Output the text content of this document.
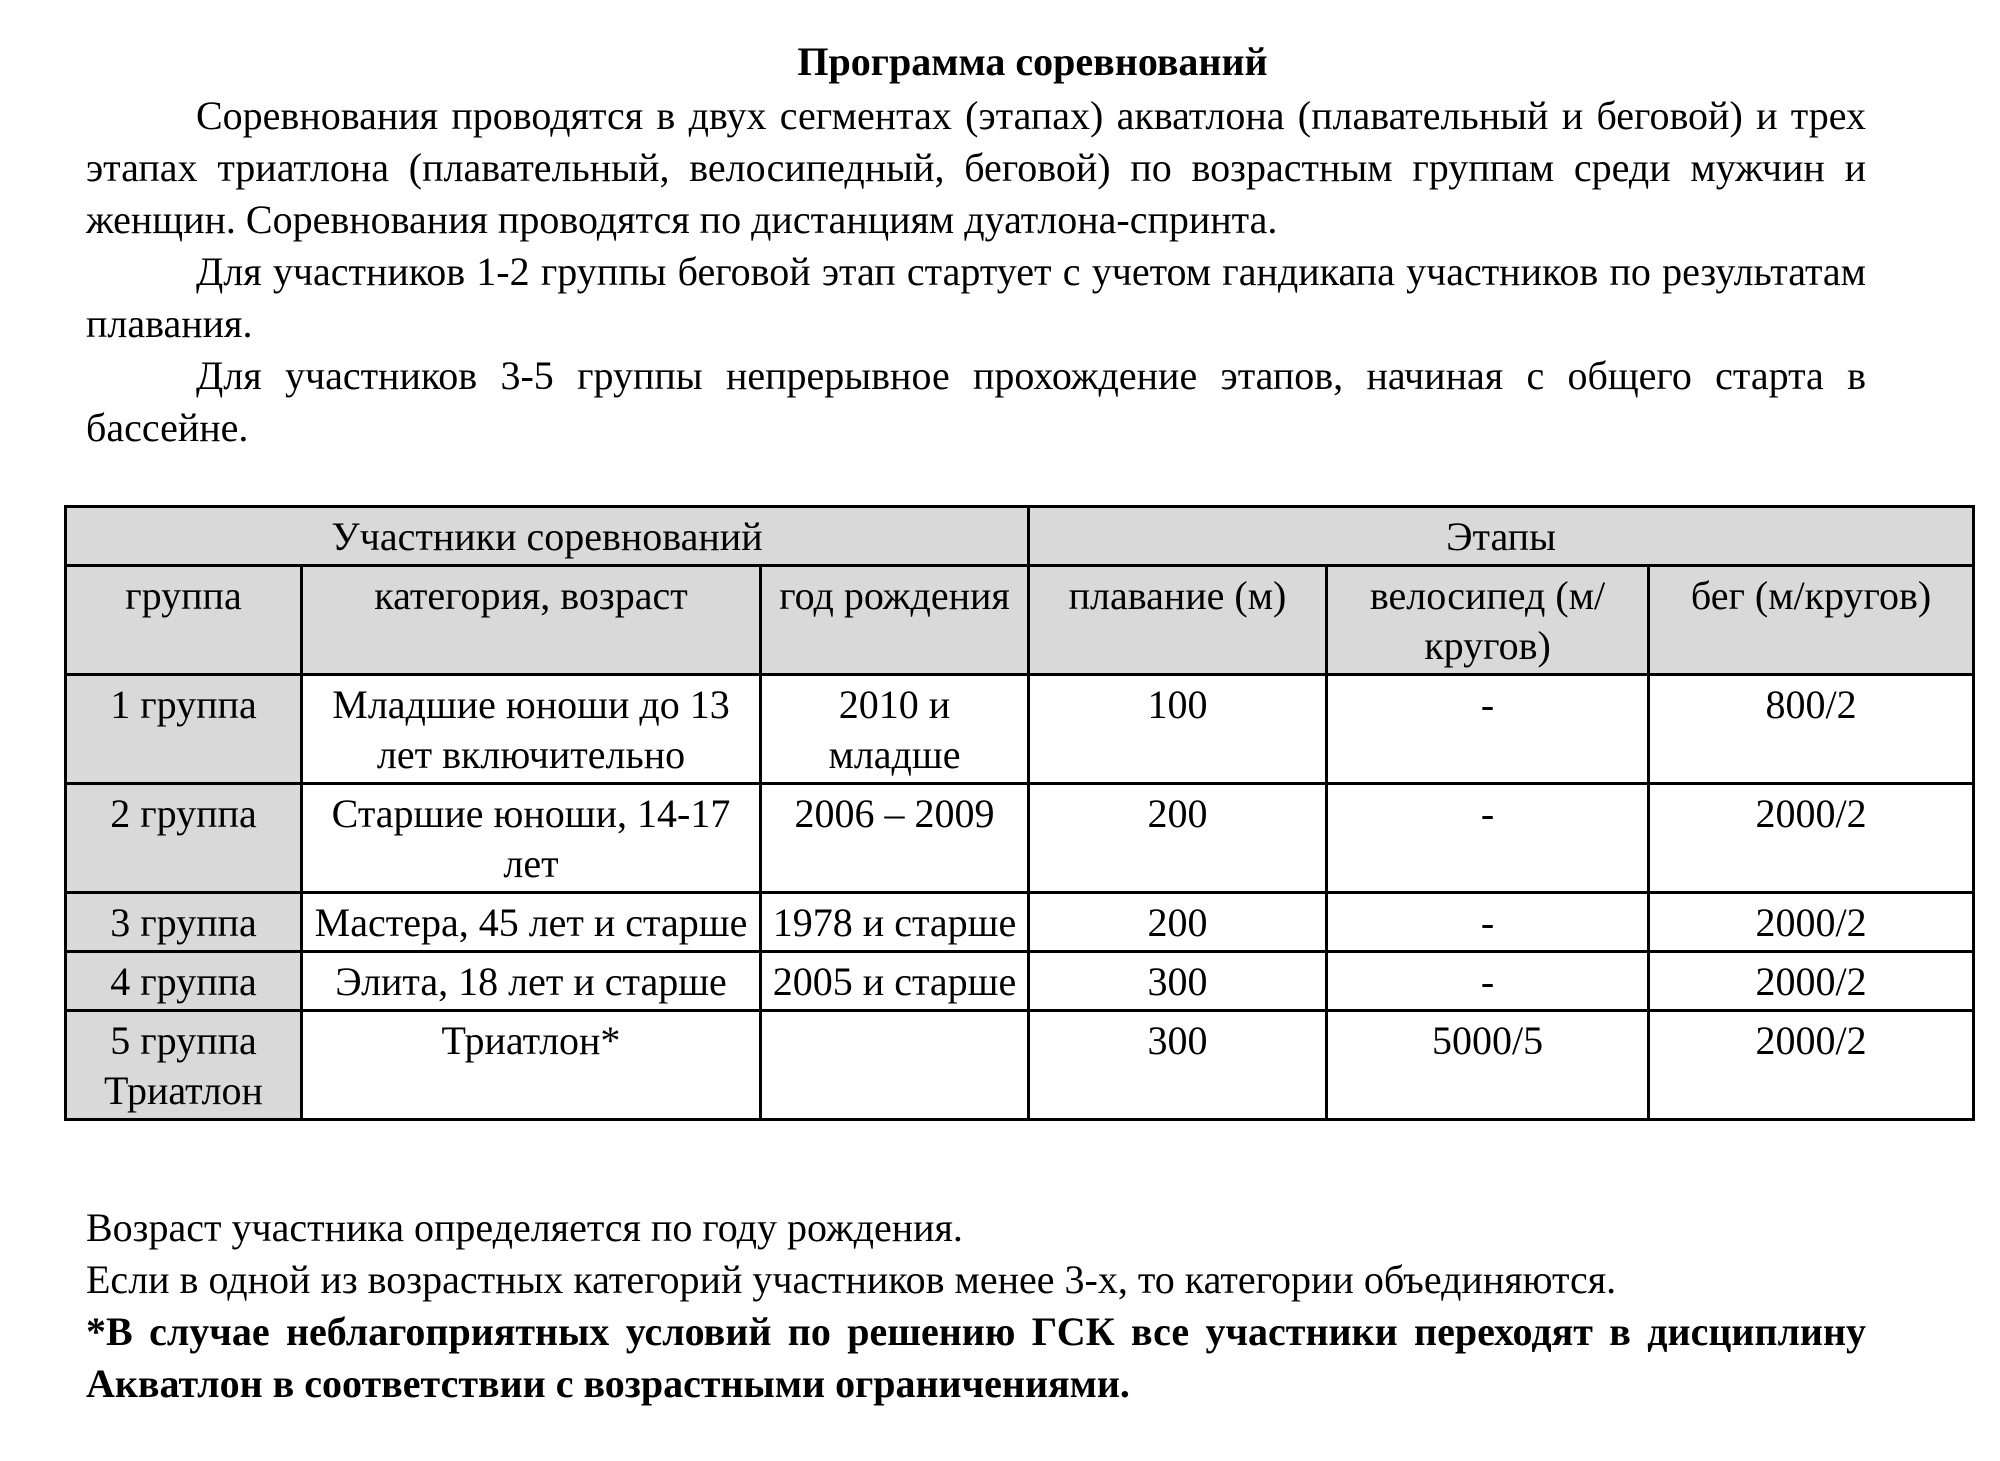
Программа соревнований

Соревнования проводятся в двух сегментах (этапах) акватлона (плавательный и беговой) и трех этапах триатлона (плавательный, велосипедный, беговой) по возрастным группам среди мужчин и женщин. Соревнования проводятся по дистанциям дуатлона-спринта.

Для участников 1-2 группы беговой этап стартует с учетом гандикапа участников по результатам плавания.

Для участников 3-5 группы непрерывное прохождение этапов, начиная с общего старта в бассейне.

Участники соревнований			Этапы		
группа	категория, возраст	год рождения	плавание (м)	велосипед (м/кругов)	бег (м/кругов)
1 группа	Младшие юноши до 13 лет включительно	2010 и младше	100	-	800/2
2 группа	Старшие юноши, 14-17 лет	2006 – 2009	200	-	2000/2
3 группа	Мастера, 45 лет и старше	1978 и старше	200	-	2000/2
4 группа	Элита, 18 лет и старше	2005 и старше	300	-	2000/2
5 группа Триатлон	Триатлон*		300	5000/5	2000/2

Возраст участника определяется по году рождения.

Если в одной из возрастных категорий участников менее 3-х, то категории объединяются.

*В случае неблагоприятных условий по решению ГСК все участники переходят в дисциплину Акватлон в соответствии с возрастными ограничениями.
